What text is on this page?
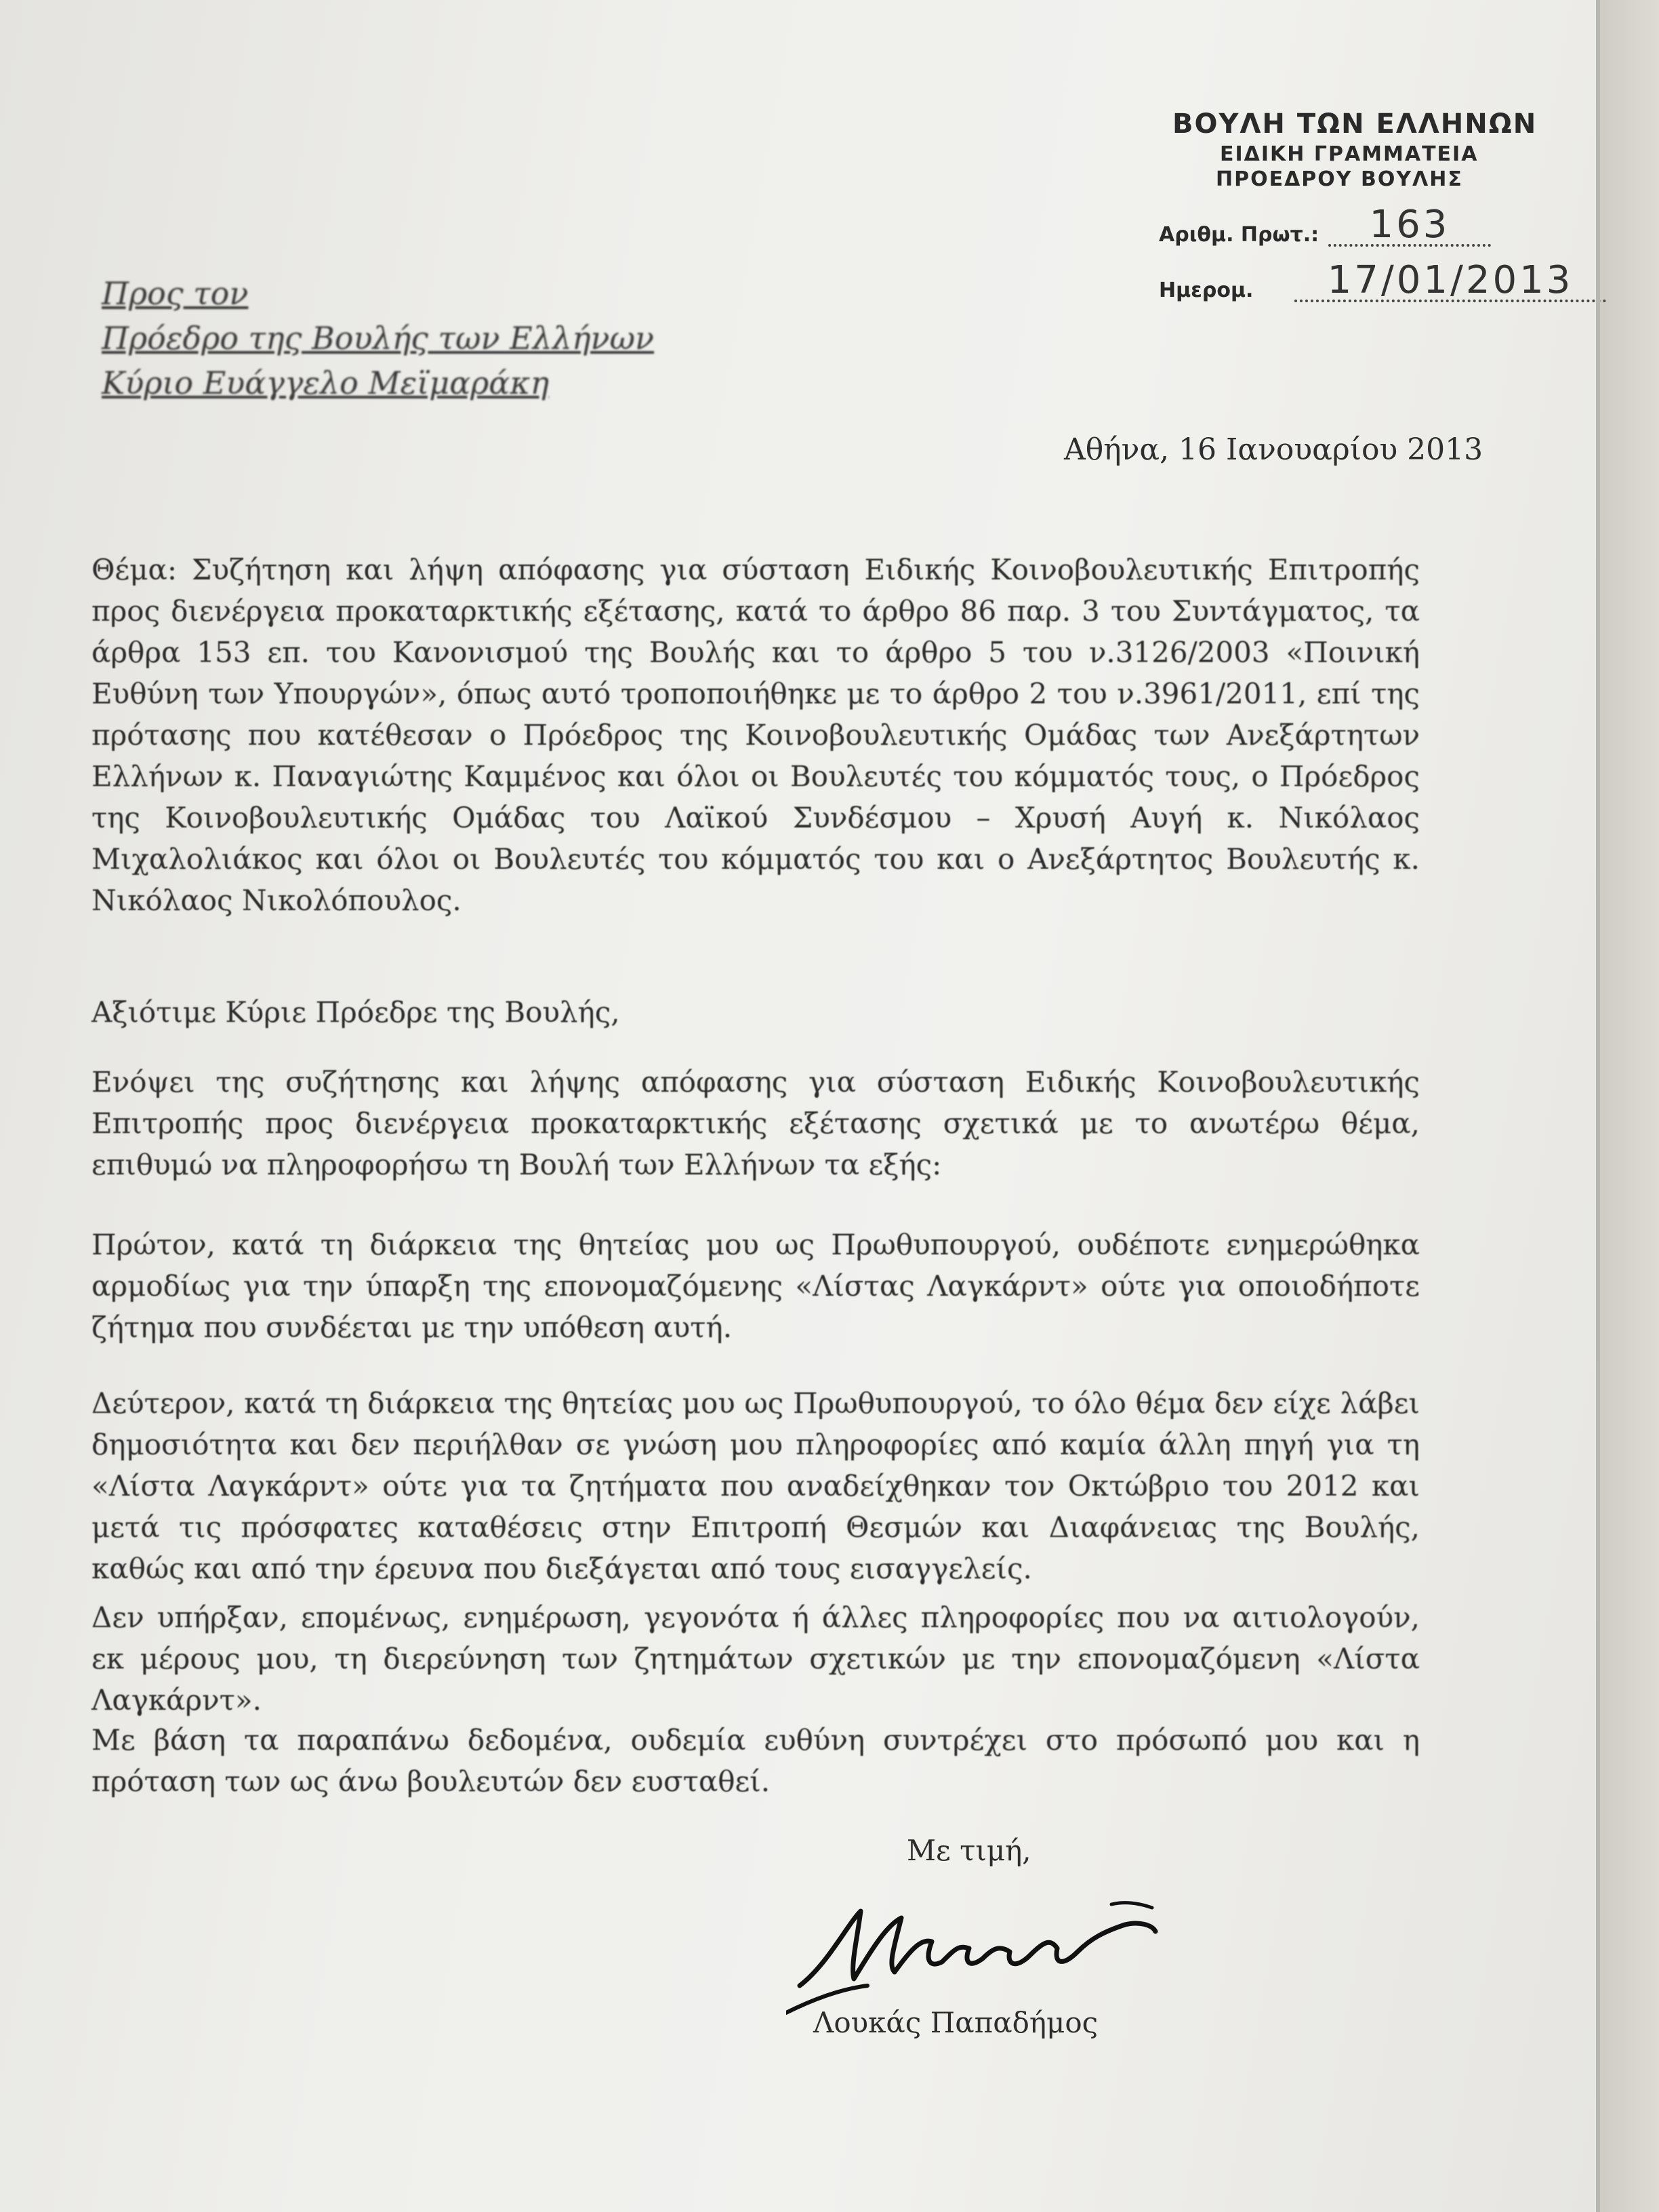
ΒΟΥΛΗ ΤΩΝ ΕΛΛΗΝΩΝ
ΕΙΔΙΚΗ ΓΡΑΜΜΑΤΕΙΑ
ΠΡΟΕΔΡΟΥ ΒΟΥΛΗΣ
Αριθμ. Πρωτ.:	163
Ημερομ.	17/01/2013
Προς τον
Πρόεδρο της Βουλής των Ελλήνων
Κύριο Ευάγγελο Μεϊμαράκη
Αθήνα, 16 Ιανουαρίου 2013
Θέμα: Συζήτηση και λήψη απόφασης για σύσταση Ειδικής Κοινοβουλευτικής Επιτροπής προς διενέργεια προκαταρκτικής εξέτασης, κατά το άρθρο 86 παρ. 3 του Συντάγματος, τα άρθρα 153 επ. του Κανονισμού της Βουλής και το άρθρο 5 του ν.3126/2003 «Ποινική Ευθύνη των Υπουργών», όπως αυτό τροποποιήθηκε με το άρθρο 2 του ν.3961/2011, επί της πρότασης που κατέθεσαν ο Πρόεδρος της Κοινοβουλευτικής Ομάδας των Ανεξάρτητων Ελλήνων κ. Παναγιώτης Καμμένος και όλοι οι Βουλευτές του κόμματός τους, ο Πρόεδρος της Κοινοβουλευτικής Ομάδας του Λαϊκού Συνδέσμου – Χρυσή Αυγή κ. Νικόλαος Μιχαλολιάκος και όλοι οι Βουλευτές του κόμματός του και ο Ανεξάρτητος Βουλευτής κ. Νικόλαος Νικολόπουλος.
Αξιότιμε Κύριε Πρόεδρε της Βουλής,
Ενόψει της συζήτησης και λήψης απόφασης για σύσταση Ειδικής Κοινοβουλευτικής Επιτροπής προς διενέργεια προκαταρκτικής εξέτασης σχετικά με το ανωτέρω θέμα, επιθυμώ να πληροφορήσω τη Βουλή των Ελλήνων τα εξής:
Πρώτον, κατά τη διάρκεια της θητείας μου ως Πρωθυπουργού, ουδέποτε ενημερώθηκα αρμοδίως για την ύπαρξη της επονομαζόμενης «Λίστας Λαγκάρντ» ούτε για οποιοδήποτε ζήτημα που συνδέεται με την υπόθεση αυτή.
Δεύτερον, κατά τη διάρκεια της θητείας μου ως Πρωθυπουργού, το όλο θέμα δεν είχε λάβει δημοσιότητα και δεν περιήλθαν σε γνώση μου πληροφορίες από καμία άλλη πηγή για τη «Λίστα Λαγκάρντ» ούτε για τα ζητήματα που αναδείχθηκαν τον Οκτώβριο του 2012 και μετά τις πρόσφατες καταθέσεις στην Επιτροπή Θεσμών και Διαφάνειας της Βουλής, καθώς και από την έρευνα που διεξάγεται από τους εισαγγελείς.
Δεν υπήρξαν, επομένως, ενημέρωση, γεγονότα ή άλλες πληροφορίες που να αιτιολογούν, εκ μέρους μου, τη διερεύνηση των ζητημάτων σχετικών με την επονομαζόμενη «Λίστα Λαγκάρντ».
Με βάση τα παραπάνω δεδομένα, ουδεμία ευθύνη συντρέχει στο πρόσωπό μου και η πρόταση των ως άνω βουλευτών δεν ευσταθεί.
Με τιμή,
Λουκάς Παπαδήμος
